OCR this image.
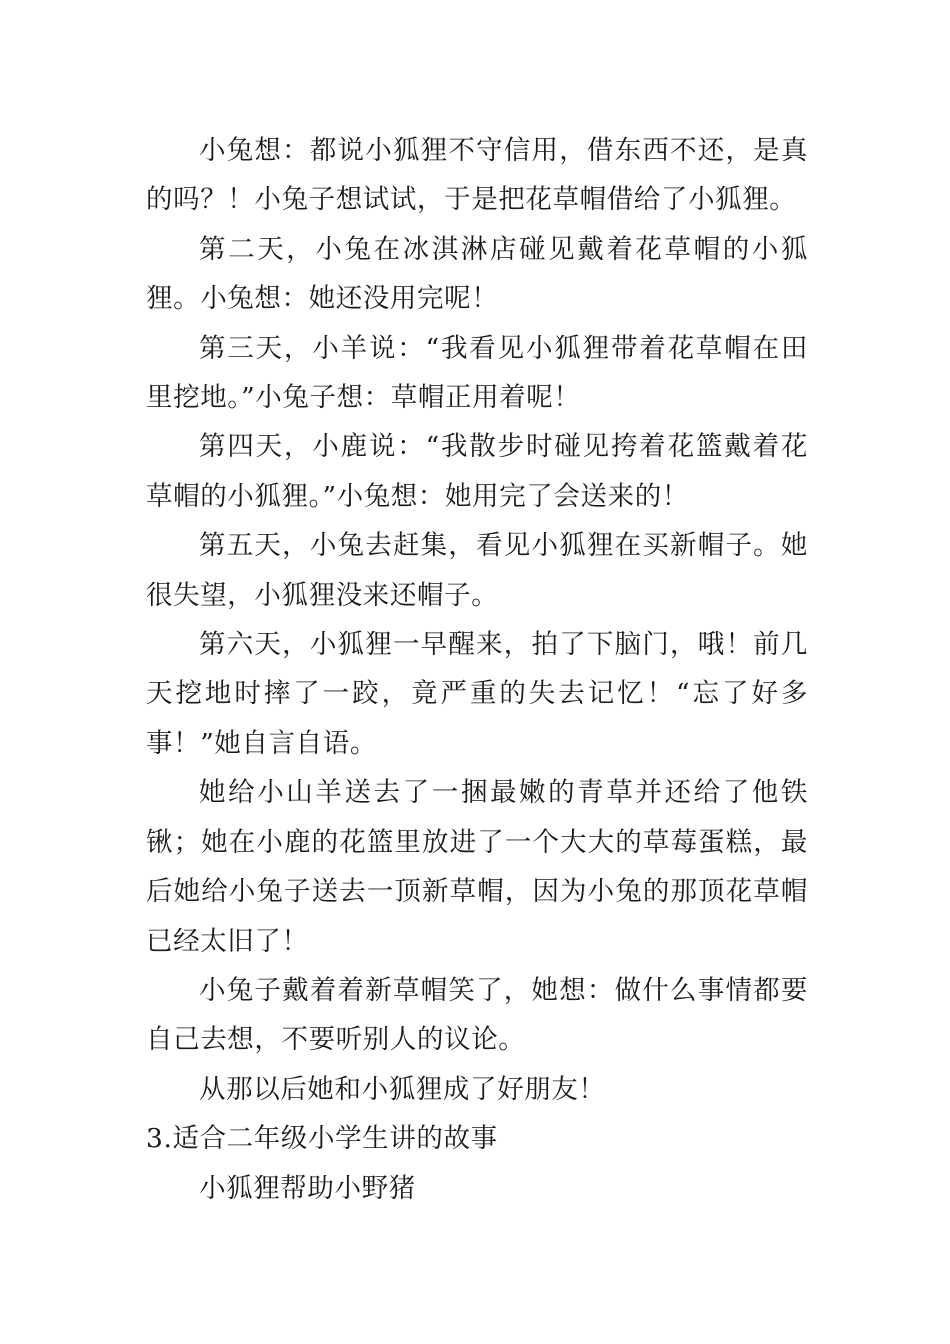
小兔想：都说小狐狸不守信用，借东西不还，是真的吗？！小兔子想试试，于是把花草帽借给了小狐狸。

第二天，小兔在冰淇淋店碰见戴着花草帽的小狐狸。小兔想：她还没用完呢！

第三天，小羊说：“我看见小狐狸带着花草帽在田里挖地。”小兔子想：草帽正用着呢！

第四天，小鹿说：“我散步时碰见挎着花篮戴着花草帽的小狐狸。”小兔想：她用完了会送来的！

第五天，小兔去赶集，看见小狐狸在买新帽子。她很失望，小狐狸没来还帽子。

第六天，小狐狸一早醒来，拍了下脑门，哦！前几天挖地时摔了一跤，竟严重的失去记忆！“忘了好多事！”她自言自语。

她给小山羊送去了一捆最嫩的青草并还给了他铁锹；她在小鹿的花篮里放进了一个大大的草莓蛋糕，最后她给小兔子送去一顶新草帽，因为小兔的那顶花草帽已经太旧了！

小兔子戴着着新草帽笑了，她想：做什么事情都要自己去想，不要听别人的议论。

从那以后她和小狐狸成了好朋友！

3.适合二年级小学生讲的故事

小狐狸帮助小野猪
